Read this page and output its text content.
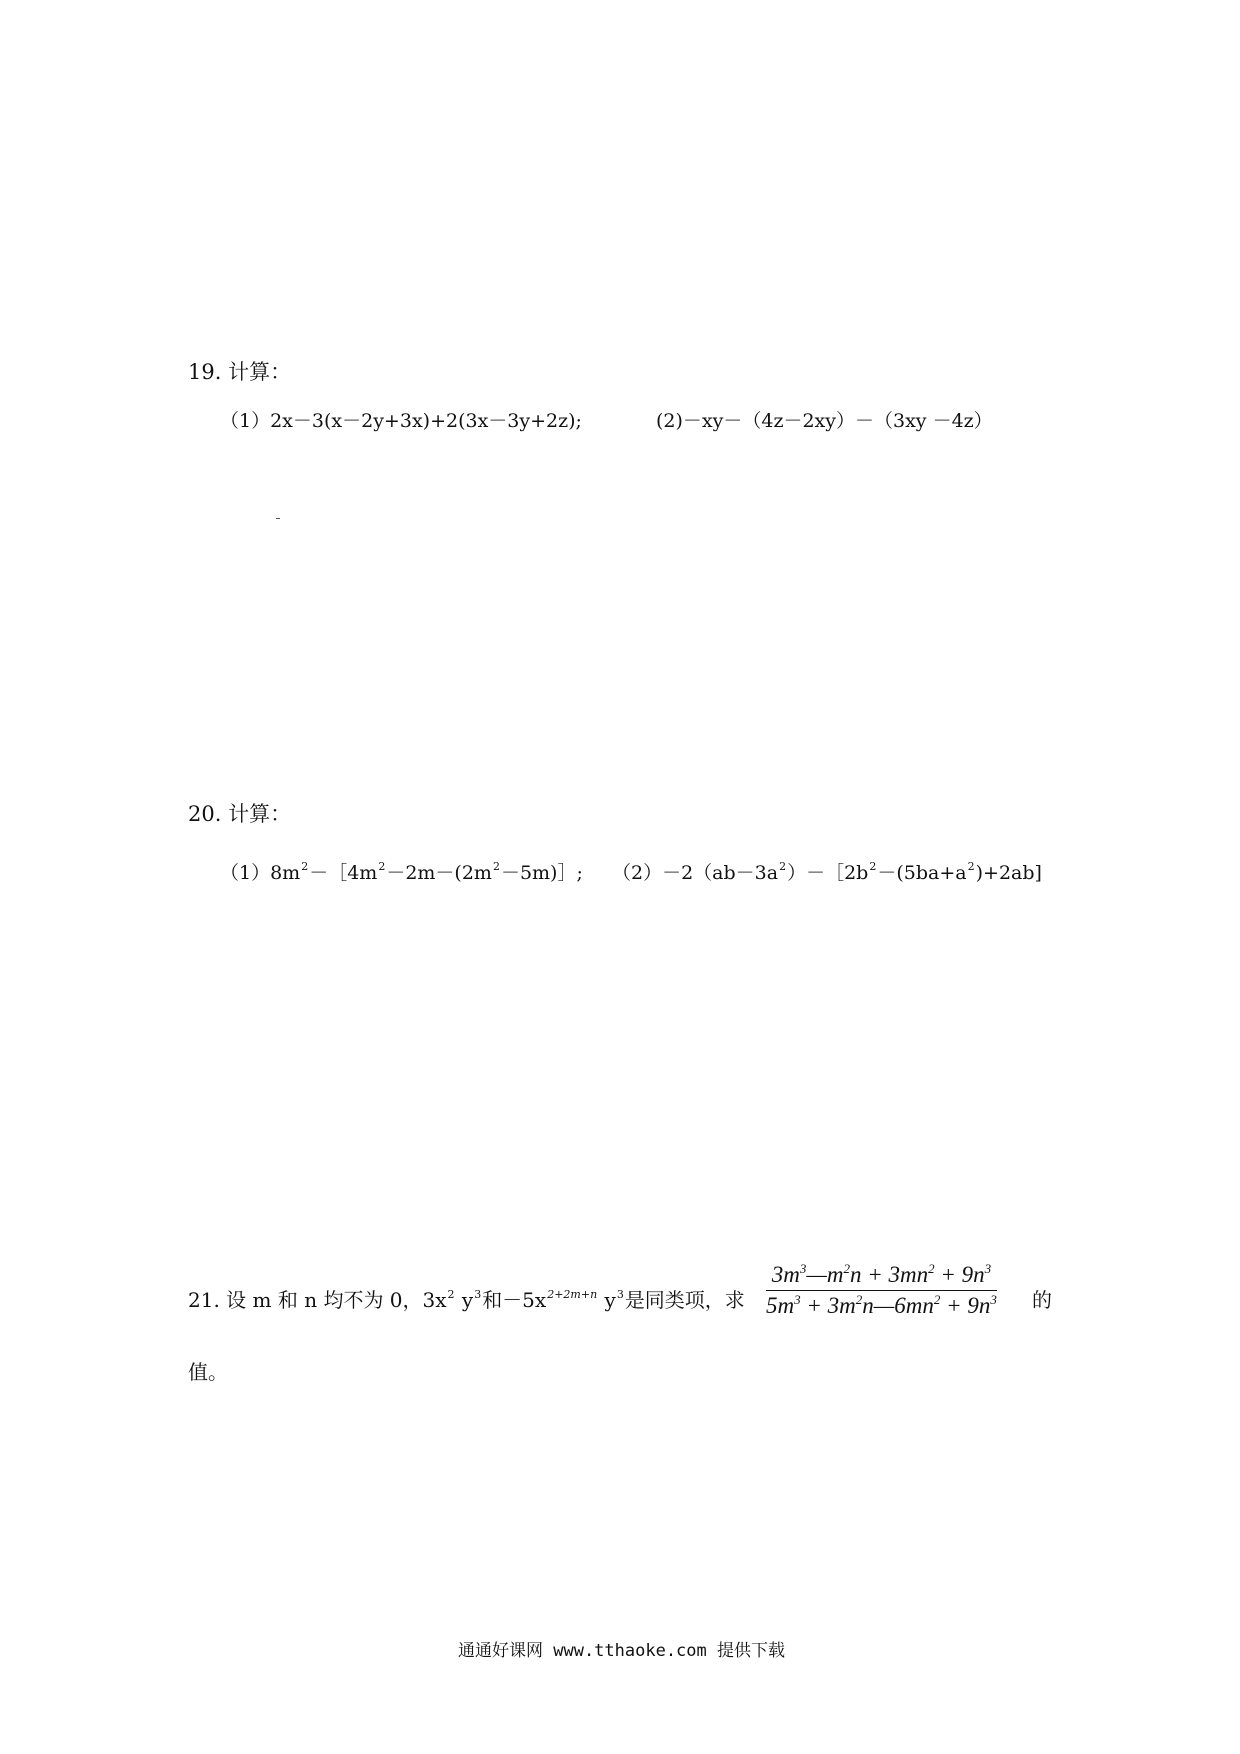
19. 计算：
（1）2x－3(x－2y+3x)+2(3x－3y+2z);	(2)－xy－（4z－2xy）－（3xy －4z）
20. 计算：
$(1)8m^2-[4m^2-2m-(2m^2-5m)]$; $(2)-2(ab-3a^2)-[2b^2-(5ba+a^2)+2ab$]
21. 设 m 和 n 均不为 0，$3x^2$ $y^3$和$-5x^{2+2m+n}$ $y^3$是同类项，求
$3m^3—m^2n + 3mn^2 + 9n^3$
$5m^3$ + $3m^2n—6mn^2 + 9n^3$ 的
值。
通通好课网 www.tthaoke.com 提供下载
